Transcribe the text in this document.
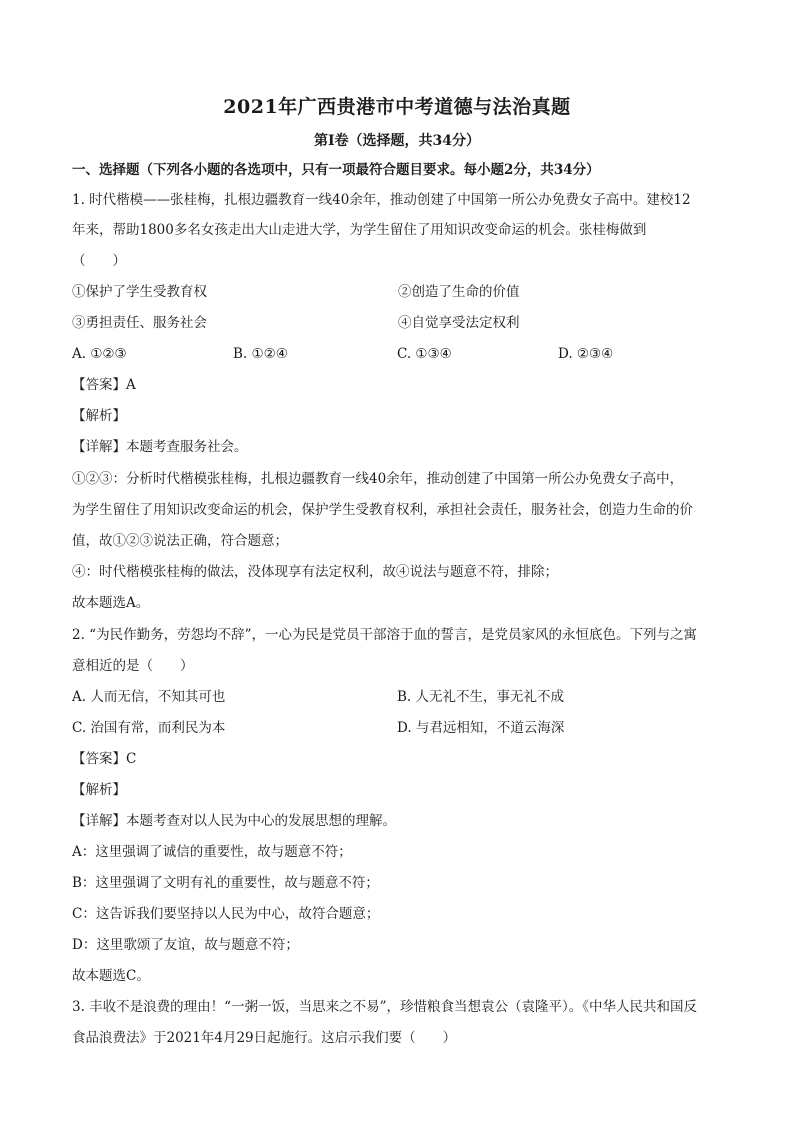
2021年广西贵港市中考道德与法治真题
第Ⅰ卷（选择题，共34分）
一、选择题（下列各小题的各选项中，只有一项最符合题目要求。每小题2分，共34分）
1. 时代楷模——张桂梅，扎根边疆教育一线40余年，推动创建了中国第一所公办免费女子高中。建校12
年来，帮助1800多名女孩走出大山走进大学，为学生留住了用知识改变命运的机会。张桂梅做到
（　　）
①保护了学生受教育权	②创造了生命的价值
③勇担责任、服务社会	④自觉享受法定权利
A. ①②③	B. ①②④	C. ①③④	D. ②③④
【答案】A
【解析】
【详解】本题考查服务社会。
①②③：分析时代楷模张桂梅，扎根边疆教育一线40余年，推动创建了中国第一所公办免费女子高中，
为学生留住了用知识改变命运的机会，保护学生受教育权利，承担社会责任，服务社会，创造力生命的价
值，故①②③说法正确，符合题意；
④：时代楷模张桂梅的做法，没体现享有法定权利，故④说法与题意不符，排除；
故本题选A。
2. “为民作勤务，劳怨均不辞”，一心为民是党员干部溶于血的誓言，是党员家风的永恒底色。下列与之寓
意相近的是（　　）
A. 人而无信，不知其可也	B. 人无礼不生，事无礼不成
C. 治国有常，而利民为本	D. 与君远相知，不道云海深
【答案】C
【解析】
【详解】本题考查对以人民为中心的发展思想的理解。
A：这里强调了诚信的重要性，故与题意不符；
B：这里强调了文明有礼的重要性，故与题意不符；
C：这告诉我们要坚持以人民为中心，故符合题意；
D：这里歌颂了友谊，故与题意不符；
故本题选C。
3. 丰收不是浪费的理由！“一粥一饭，当思来之不易”，珍惜粮食当想袁公（袁隆平）。《中华人民共和国反
食品浪费法》于2021年4月29日起施行。这启示我们要（　　）
